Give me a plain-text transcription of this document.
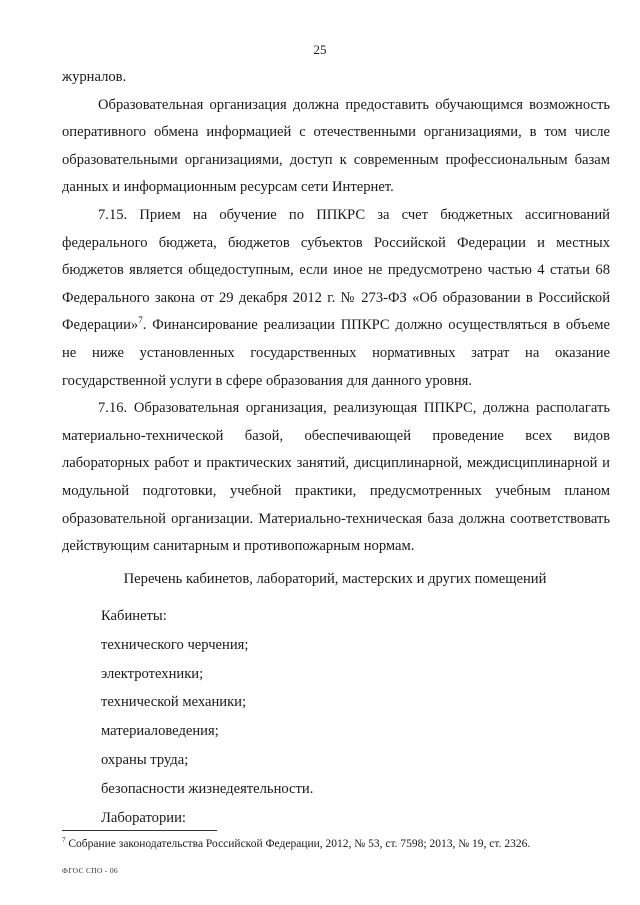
25

журналов.

Образовательная организация должна предоставить обучающимся возможность оперативного обмена информацией с отечественными организациями, в том числе образовательными организациями, доступ к современным профессиональным базам данных и информационным ресурсам сети Интернет.

7.15. Прием на обучение по ППКРС за счет бюджетных ассигнований федерального бюджета, бюджетов субъектов Российской Федерации и местных бюджетов является общедоступным, если иное не предусмотрено частью 4 статьи 68 Федерального закона от 29 декабря 2012 г. № 273-ФЗ «Об образовании в Российской Федерации»$^7$. Финансирование реализации ППКРС должно осуществляться в объеме не ниже установленных государственных нормативных затрат на оказание государственной услуги в сфере образования для данного уровня.

7.16. Образовательная организация, реализующая ППКРС, должна располагать материально-технической базой, обеспечивающей проведение всех видов лабораторных работ и практических занятий, дисциплинарной, междисциплинарной и модульной подготовки, учебной практики, предусмотренных учебным планом образовательной организации. Материально-техническая база должна соответствовать действующим санитарным и противопожарным нормам.

Перечень кабинетов, лабораторий, мастерских и других помещений
Кабинеты:
технического черчения;
электротехники;
технической механики;
материаловедения;
охраны труда;
безопасности жизнедеятельности.
Лаборатории:
$^7$ Собрание законодательства Российской Федерации, 2012, № 53, ст. 7598; 2013, № 19, ст. 2326.
ФГОС СПО - 06
